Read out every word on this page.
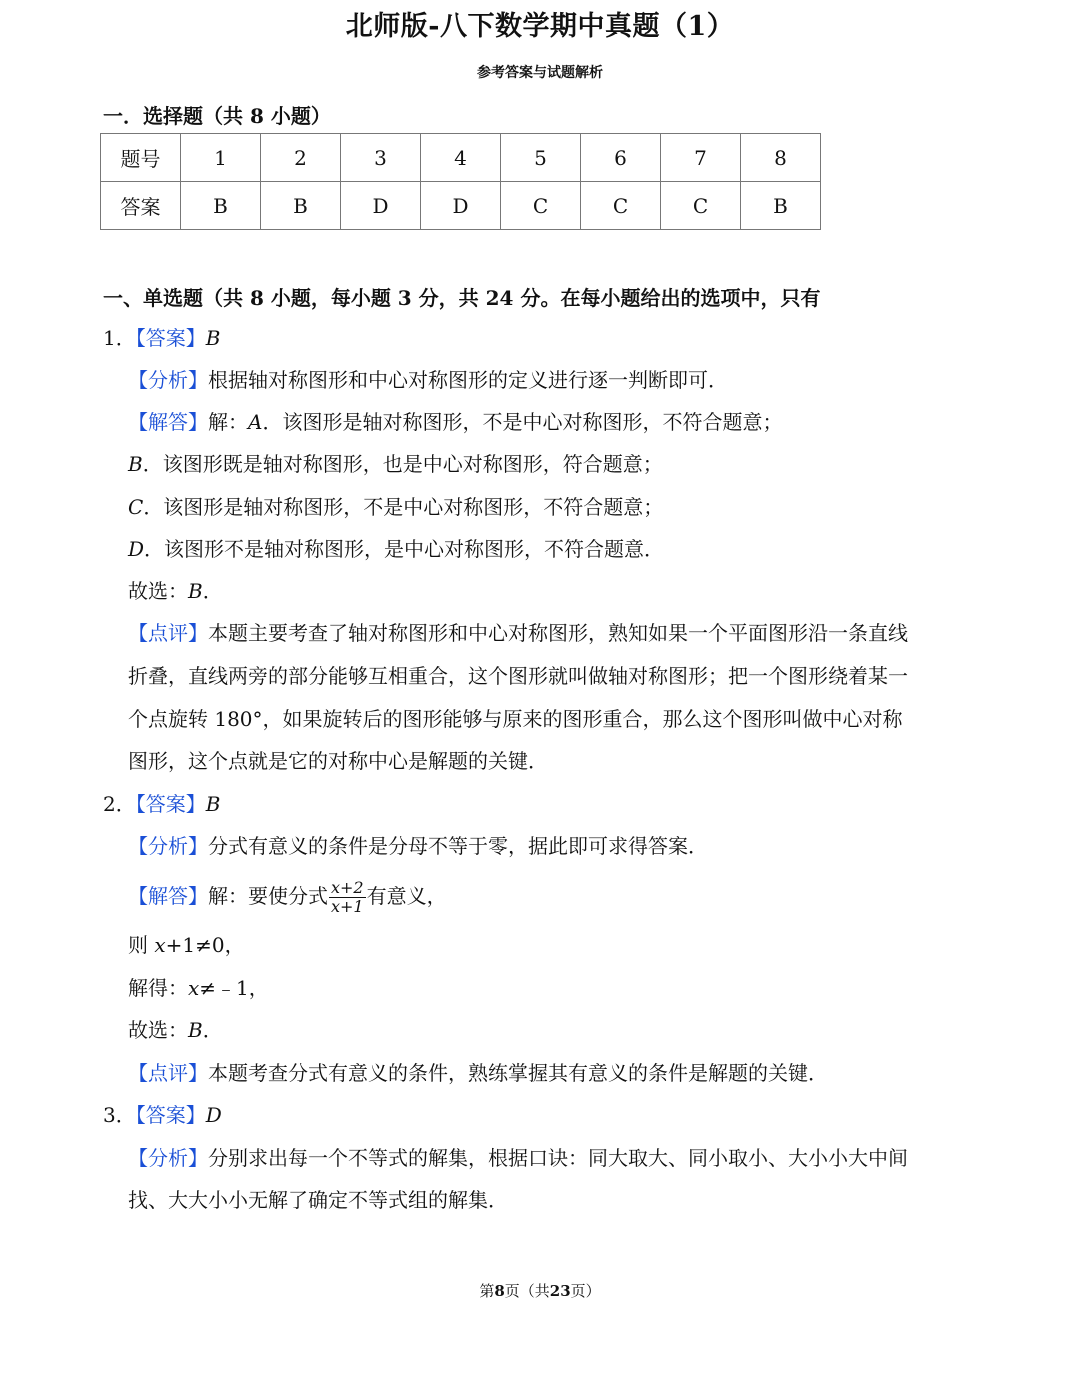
北师版-八下数学期中真题（1）
参考答案与试题解析
一．选择题（共 8 小题）
题号	1	2	3	4	5	6	7	8
答案	B	B	D	D	C	C	C	B
一、单选题（共 8 小题，每小题 3 分，共 24 分。在每小题给出的选项中，只有
1．【答案】B
【分析】根据轴对称图形和中心对称图形的定义进行逐一判断即可．
【解答】解：A．该图形是轴对称图形，不是中心对称图形，不符合题意；
B．该图形既是轴对称图形，也是中心对称图形，符合题意；
C．该图形是轴对称图形，不是中心对称图形，不符合题意；
D．该图形不是轴对称图形，是中心对称图形，不符合题意．
故选：B．
【点评】本题主要考查了轴对称图形和中心对称图形，熟知如果一个平面图形沿一条直线
折叠，直线两旁的部分能够互相重合，这个图形就叫做轴对称图形；把一个图形绕着某一
个点旋转 180°，如果旋转后的图形能够与原来的图形重合，那么这个图形叫做中心对称
图形，这个点就是它的对称中心是解题的关键．
2．【答案】B
【分析】分式有意义的条件是分母不等于零，据此即可求得答案．
【解答】解：要使分式 $\frac{x+2}{x+1}$ 有意义，
则 x+1≠0，
解得：x≠﹣1，
故选：B．
【点评】本题考查分式有意义的条件，熟练掌握其有意义的条件是解题的关键．
3．【答案】D
【分析】分别求出每一个不等式的解集，根据口诀：同大取大、同小取小、大小小大中间
找、大大小小无解了确定不等式组的解集．
第8页（共23页）
